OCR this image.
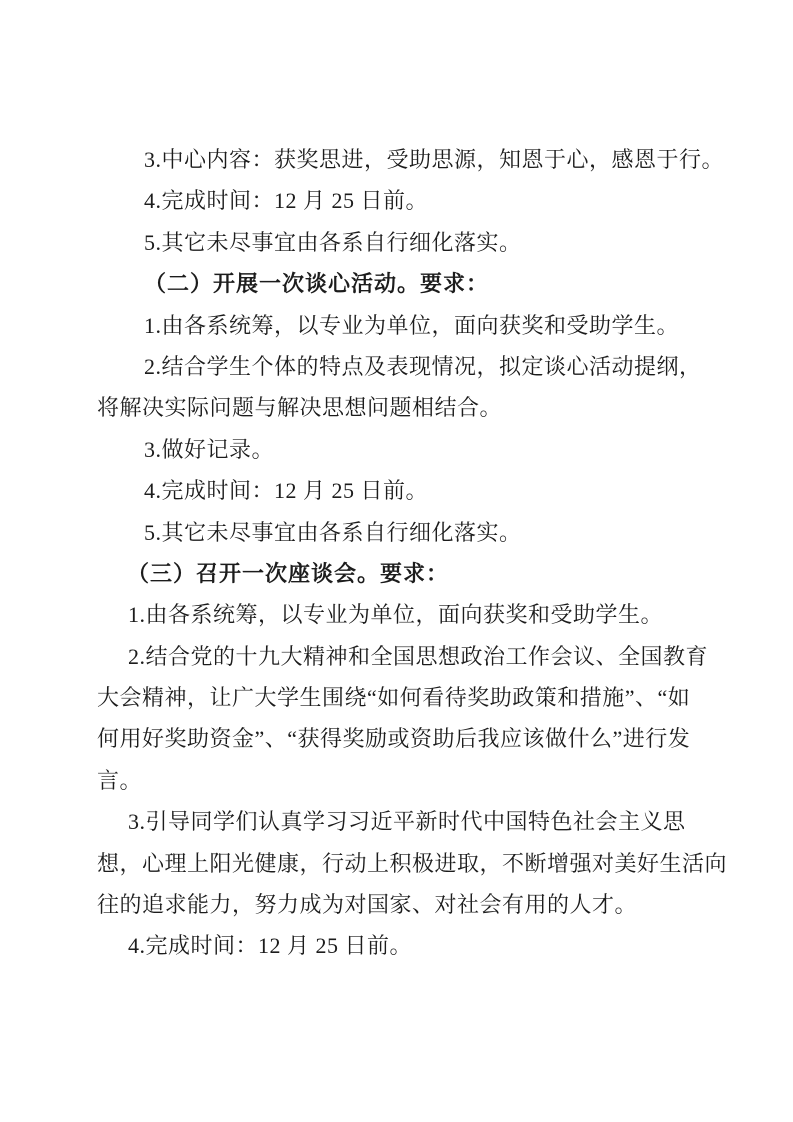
3.中心内容：获奖思进，受助思源，知恩于心，感恩于行。
4.完成时间：12 月 25 日前。
5.其它未尽事宜由各系自行细化落实。
（二）开展一次谈心活动。要求：
1.由各系统筹，以专业为单位，面向获奖和受助学生。
2.结合学生个体的特点及表现情况，拟定谈心活动提纲，
将解决实际问题与解决思想问题相结合。
3.做好记录。
4.完成时间：12 月 25 日前。
5.其它未尽事宜由各系自行细化落实。
（三）召开一次座谈会。要求：
1.由各系统筹，以专业为单位，面向获奖和受助学生。
2.结合党的十九大精神和全国思想政治工作会议、全国教育
大会精神，让广大学生围绕“如何看待奖助政策和措施”、“如
何用好奖助资金”、“获得奖励或资助后我应该做什么”进行发
言。
3.引导同学们认真学习习近平新时代中国特色社会主义思
想，心理上阳光健康，行动上积极进取，不断增强对美好生活向
往的追求能力，努力成为对国家、对社会有用的人才。
4.完成时间：12 月 25 日前。
